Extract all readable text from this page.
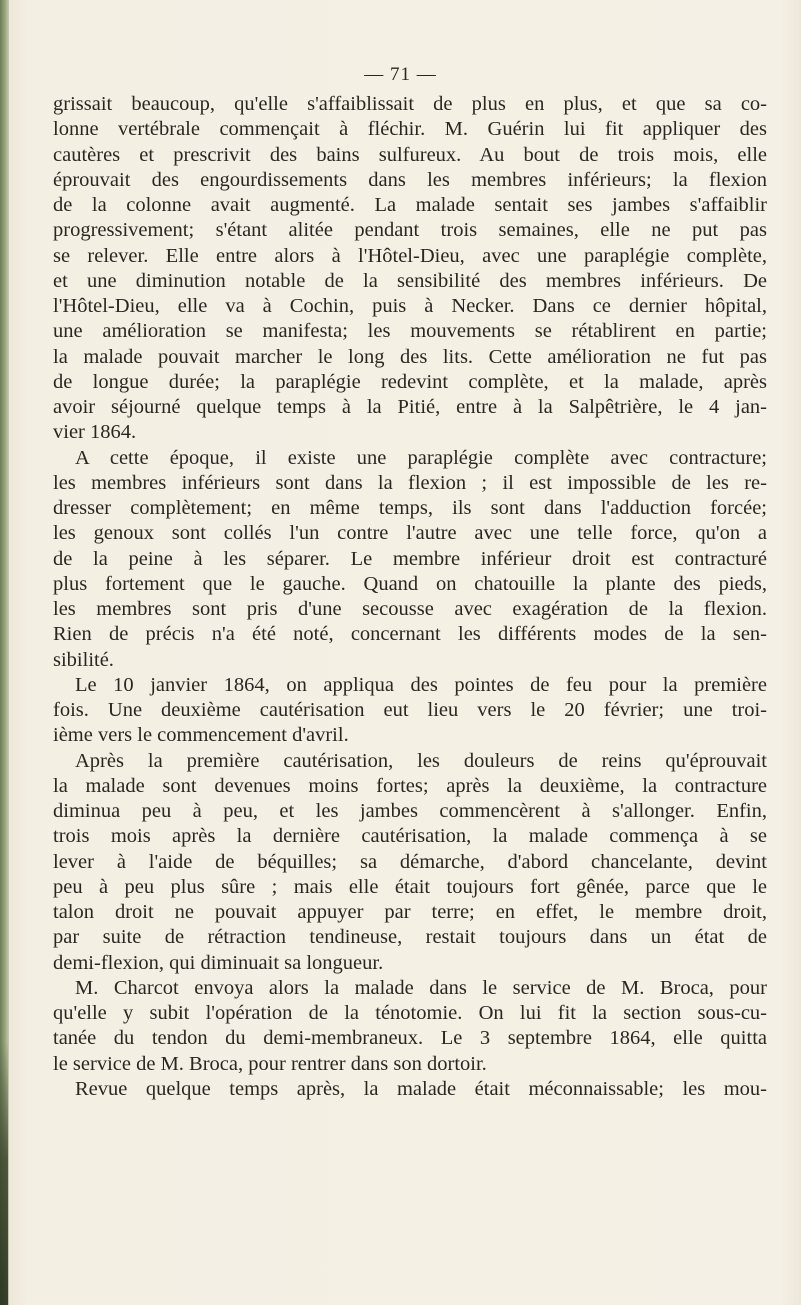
— 71 —
grissait beaucoup, qu'elle s'affaiblissait de plus en plus, et que sa co-
lonne vertébrale commençait à fléchir. M. Guérin lui fit appliquer des
cautères et prescrivit des bains sulfureux. Au bout de trois mois, elle
éprouvait des engourdissements dans les membres inférieurs; la flexion
de la colonne avait augmenté. La malade sentait ses jambes s'affaiblir
progressivement; s'étant alitée pendant trois semaines, elle ne put pas
se relever. Elle entre alors à l'Hôtel-Dieu, avec une paraplégie complète,
et une diminution notable de la sensibilité des membres inférieurs. De
l'Hôtel-Dieu, elle va à Cochin, puis à Necker. Dans ce dernier hôpital,
une amélioration se manifesta; les mouvements se rétablirent en partie;
la malade pouvait marcher le long des lits. Cette amélioration ne fut pas
de longue durée; la paraplégie redevint complète, et la malade, après
avoir séjourné quelque temps à la Pitié, entre à la Salpêtrière, le 4 jan-
vier 1864.
A cette époque, il existe une paraplégie complète avec contracture;
les membres inférieurs sont dans la flexion ; il est impossible de les re-
dresser complètement; en même temps, ils sont dans l'adduction forcée;
les genoux sont collés l'un contre l'autre avec une telle force, qu'on a
de la peine à les séparer. Le membre inférieur droit est contracturé
plus fortement que le gauche. Quand on chatouille la plante des pieds,
les membres sont pris d'une secousse avec exagération de la flexion.
Rien de précis n'a été noté, concernant les différents modes de la sen-
sibilité.
Le 10 janvier 1864, on appliqua des pointes de feu pour la première
fois. Une deuxième cautérisation eut lieu vers le 20 février; une troi-
ième vers le commencement d'avril.
Après la première cautérisation, les douleurs de reins qu'éprouvait
la malade sont devenues moins fortes; après la deuxième, la contracture
diminua peu à peu, et les jambes commencèrent à s'allonger. Enfin,
trois mois après la dernière cautérisation, la malade commença à se
lever à l'aide de béquilles; sa démarche, d'abord chancelante, devint
peu à peu plus sûre ; mais elle était toujours fort gênée, parce que le
talon droit ne pouvait appuyer par terre; en effet, le membre droit,
par suite de rétraction tendineuse, restait toujours dans un état de
demi-flexion, qui diminuait sa longueur.
M. Charcot envoya alors la malade dans le service de M. Broca, pour
qu'elle y subit l'opération de la ténotomie. On lui fit la section sous-cu-
tanée du tendon du demi-membraneux. Le 3 septembre 1864, elle quitta
le service de M. Broca, pour rentrer dans son dortoir.
Revue quelque temps après, la malade était méconnaissable; les mou-
